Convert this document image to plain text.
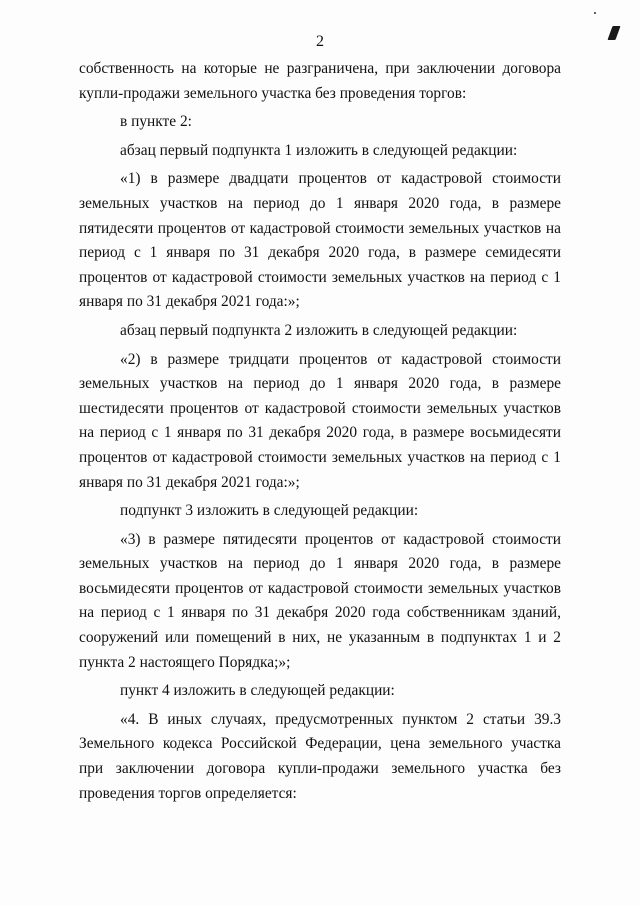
2

собственность на которые не разграничена, при заключении договора купли-продажи земельного участка без проведения торгов:

в пункте 2:

абзац первый подпункта 1 изложить в следующей редакции:

«1) в размере двадцати процентов от кадастровой стоимости земельных участков на период до 1 января 2020 года, в размере пятидесяти процентов от кадастровой стоимости земельных участков на период с 1 января по 31 декабря 2020 года, в размере семидесяти процентов от кадастровой стоимости земельных участков на период с 1 января по 31 декабря 2021 года:»;

абзац первый подпункта 2 изложить в следующей редакции:

«2) в размере тридцати процентов от кадастровой стоимости земельных участков на период до 1 января 2020 года, в размере шестидесяти процентов от кадастровой стоимости земельных участков на период с 1 января по 31 декабря 2020 года, в размере восьмидесяти процентов от кадастровой стоимости земельных участков на период с 1 января по 31 декабря 2021 года:»;

подпункт 3 изложить в следующей редакции:

«3) в размере пятидесяти процентов от кадастровой стоимости земельных участков на период до 1 января 2020 года, в размере восьмидесяти процентов от кадастровой стоимости земельных участков на период с 1 января по 31 декабря 2020 года собственникам зданий, сооружений или помещений в них, не указанным в подпунктах 1 и 2 пункта 2 настоящего Порядка;»;

пункт 4 изложить в следующей редакции:

«4. В иных случаях, предусмотренных пунктом 2 статьи 39.3 Земельного кодекса Российской Федерации, цена земельного участка при заключении договора купли-продажи земельного участка без проведения торгов определяется:
